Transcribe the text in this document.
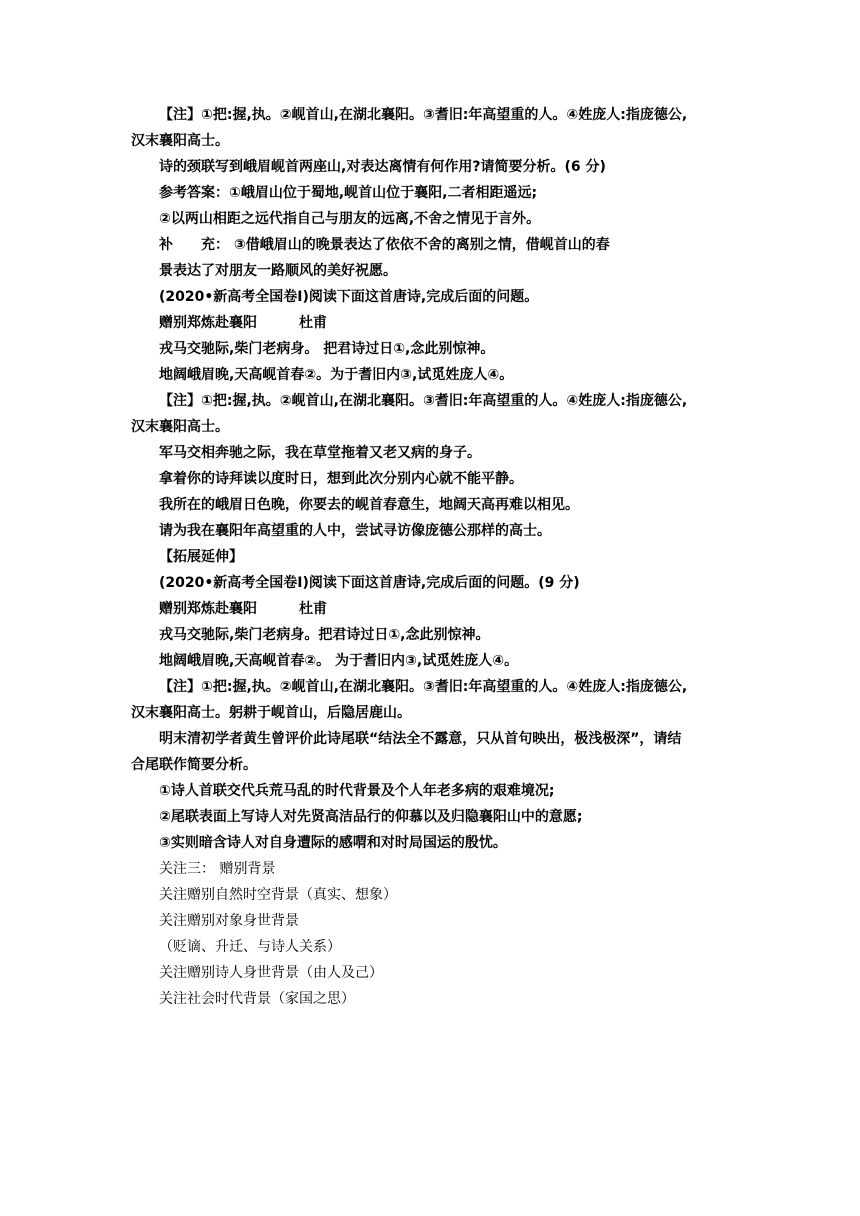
【注】①把:握,执。②岘首山,在湖北襄阳。③耆旧:年高望重的人。④姓庞人:指庞德公,
汉末襄阳高士。
诗的颈联写到峨眉岘首两座山,对表达离情有何作用?请简要分析。(6 分)
参考答案：①峨眉山位于蜀地,岘首山位于襄阳,二者相距遥远;
②以两山相距之远代指自己与朋友的远离,不舍之情见于言外。
补　　充： ③借峨眉山的晚景表达了依依不舍的离别之情，借岘首山的春
景表达了对朋友一路顺风的美好祝愿。
(2020•新高考全国卷Ⅰ)阅读下面这首唐诗,完成后面的问题。
赠别郑炼赴襄阳　　　杜甫
戎马交驰际,柴门老病身。 把君诗过日①,念此别惊神。
地阔峨眉晚,天高岘首春②。为于耆旧内③,试觅姓庞人④。
【注】①把:握,执。②岘首山,在湖北襄阳。③耆旧:年高望重的人。④姓庞人:指庞德公,
汉末襄阳高士。
军马交相奔驰之际，我在草堂拖着又老又病的身子。
拿着你的诗拜读以度时日，想到此次分别内心就不能平静。
我所在的峨眉日色晚，你要去的岘首春意生，地阔天高再难以相见。
请为我在襄阳年高望重的人中，尝试寻访像庞德公那样的高士。
【拓展延伸】
(2020•新高考全国卷Ⅰ)阅读下面这首唐诗,完成后面的问题。(9 分)
赠别郑炼赴襄阳　　　杜甫
戎马交驰际,柴门老病身。把君诗过日①,念此别惊神。
地阔峨眉晚,天高岘首春②。 为于耆旧内③,试觅姓庞人④。
【注】①把:握,执。②岘首山,在湖北襄阳。③耆旧:年高望重的人。④姓庞人:指庞德公,
汉末襄阳高士。躬耕于岘首山，后隐居鹿山。
明末清初学者黄生曾评价此诗尾联“结法全不露意，只从首句映出，极浅极深”，请结
合尾联作简要分析。
①诗人首联交代兵荒马乱的时代背景及个人年老多病的艰难境况;
②尾联表面上写诗人对先贤高洁品行的仰慕以及归隐襄阳山中的意愿;
③实则暗含诗人对自身遭际的感喟和对时局国运的殷忧。
关注三： 赠别背景
关注赠别自然时空背景（真实、想象）
关注赠别对象身世背景
（贬谪、升迁、与诗人关系）
关注赠别诗人身世背景（由人及己）
关注社会时代背景（家国之思）
